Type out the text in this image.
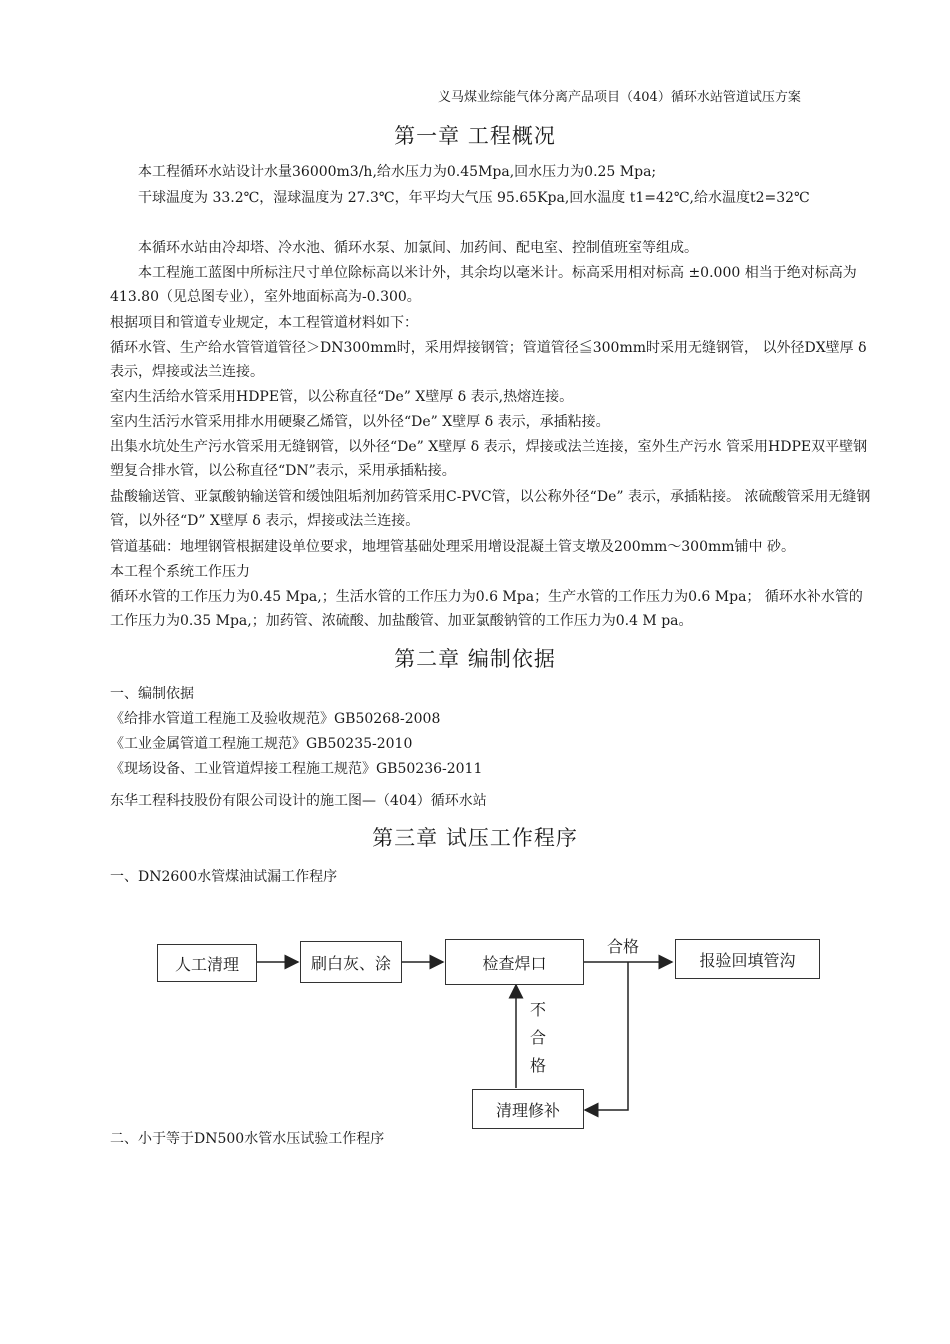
义马煤业综能气体分离产品项目（404）循环水站管道试压方案
第一章 工程概况

本工程循环水站设计水量36000m3/h,给水压力为0.45Mpa,回水压力为0.25 Mpa;

干球温度为 33.2℃，湿球温度为 27.3℃，年平均大气压 95.65Kpa,回水温度 t1=42℃,给水温度t2=32℃

本循环水站由冷却塔、冷水池、循环水泵、加氯间、加药间、配电室、控制值班室等组成。

本工程施工蓝图中所标注尺寸单位除标高以米计外，其余均以毫米计。标高采用相对标高 ±0.000 相当于绝对标高为413.80（见总图专业），室外地面标高为-0.300。

根据项目和管道专业规定，本工程管道材料如下：

循环水管、生产给水管管道管径＞DN300mm时，采用焊接钢管；管道管径≦300mm时采用无缝钢管， 以外径DX壁厚 δ 表示，焊接或法兰连接。

室内生活给水管采用HDPE管，以公称直径“De” X壁厚 δ 表示,热熔连接。

室内生活污水管采用排水用硬聚乙烯管，以外径“De” X壁厚 δ 表示，承插粘接。

出集水坑处生产污水管采用无缝钢管，以外径“De” X壁厚 δ 表示，焊接或法兰连接，室外生产污水 管采用HDPE双平壁钢塑复合排水管，以公称直径“DN”表示，采用承插粘接。

盐酸输送管、亚氯酸钠输送管和缓蚀阻垢剂加药管采用C-PVC管，以公称外径“De” 表示，承插粘接。 浓硫酸管采用无缝钢管，以外径“D” X壁厚 δ 表示，焊接或法兰连接。

管道基础：地埋钢管根据建设单位要求，地埋管基础处理采用增设混凝土管支墩及200mm～300mm铺中 砂。

本工程个系统工作压力

循环水管的工作压力为0.45 Mpa,；生活水管的工作压力为0.6 Mpa；生产水管的工作压力为0.6 Mpa； 循环水补水管的工作压力为0.35 Mpa,；加药管、浓硫酸、加盐酸管、加亚氯酸钠管的工作压力为0.4 M pa。

第二章 编制依据
一、编制依据
《给排水管道工程施工及验收规范》GB50268-2008
《工业金属管道工程施工规范》GB50235-2010
《现场设备、工业管道焊接工程施工规范》GB50236-2011
东华工程科技股份有限公司设计的施工图—（404）循环水站
第三章 试压工作程序
一、DN2600水管煤油试漏工作程序
人工清理	刷白灰、涂	检查焊口	报验回填管沟
清理修补
合格
不
合
格
二、小于等于DN500水管水压试验工作程序
